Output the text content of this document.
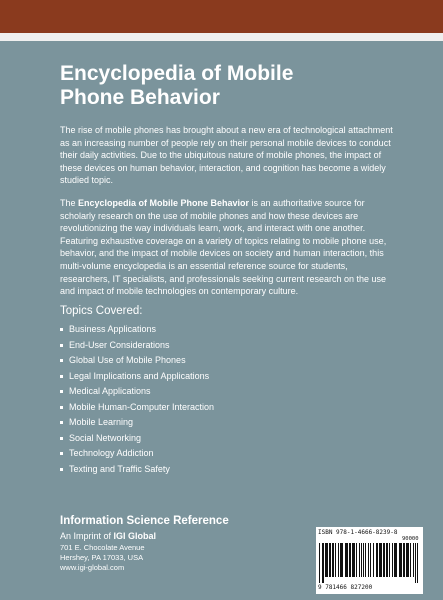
Encyclopedia of Mobile
Phone Behavior

The rise of mobile phones has brought about a new era of technological attachment as an increasing number of people rely on their personal mobile devices to conduct their daily activities. Due to the ubiquitous nature of mobile phones, the impact of these devices on human behavior, interaction, and cognition has become a widely studied topic.

The Encyclopedia of Mobile Phone Behavior is an authoritative source for scholarly research on the use of mobile phones and how these devices are revolutionizing the way individuals learn, work, and interact with one another. Featuring exhaustive coverage on a variety of topics relating to mobile phone use, behavior, and the impact of mobile devices on society and human interaction, this multi-volume encyclopedia is an essential reference source for students, researchers, IT specialists, and professionals seeking current research on the use and impact of mobile technologies on contemporary culture.

Topics Covered:

Business Applications
End-User Considerations
Global Use of Mobile Phones
Legal Implications and Applications
Medical Applications
Mobile Human-Computer Interaction
Mobile Learning
Social Networking
Technology Addiction
Texting and Traffic Safety
Information Science Reference
An Imprint of IGI Global
701 E. Chocolate Avenue
Hershey, PA 17033, USA
www.igi-global.com
ISBN 978-1-4666-8239-8
90000
9 781466 827200
